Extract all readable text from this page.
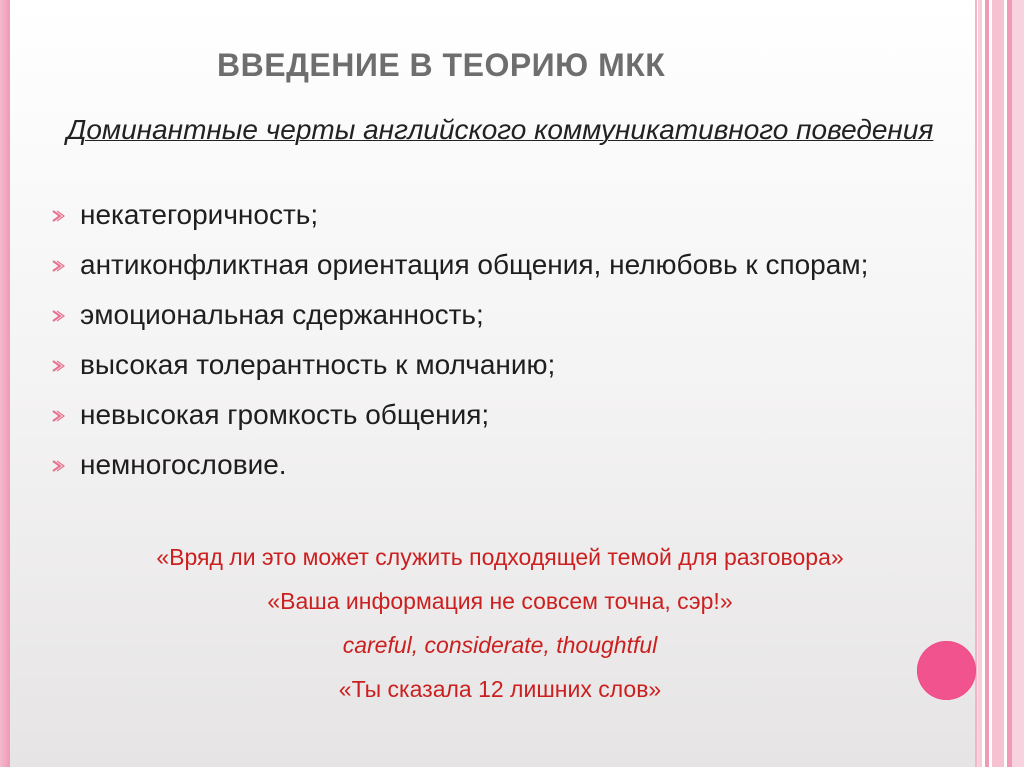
ВВЕДЕНИЕ В ТЕОРИЮ МКК
Доминантные черты английского коммуникативного поведения
некатегоричность;
антиконфликтная ориентация общения, нелюбовь к спорам;
эмоциональная сдержанность;
высокая толерантность к молчанию;
невысокая громкость общения;
немногословие.
«Вряд ли это может служить подходящей темой для разговора»
«Ваша информация не совсем точна, сэр!»
careful, considerate, thoughtful
«Ты сказала 12 лишних слов»
